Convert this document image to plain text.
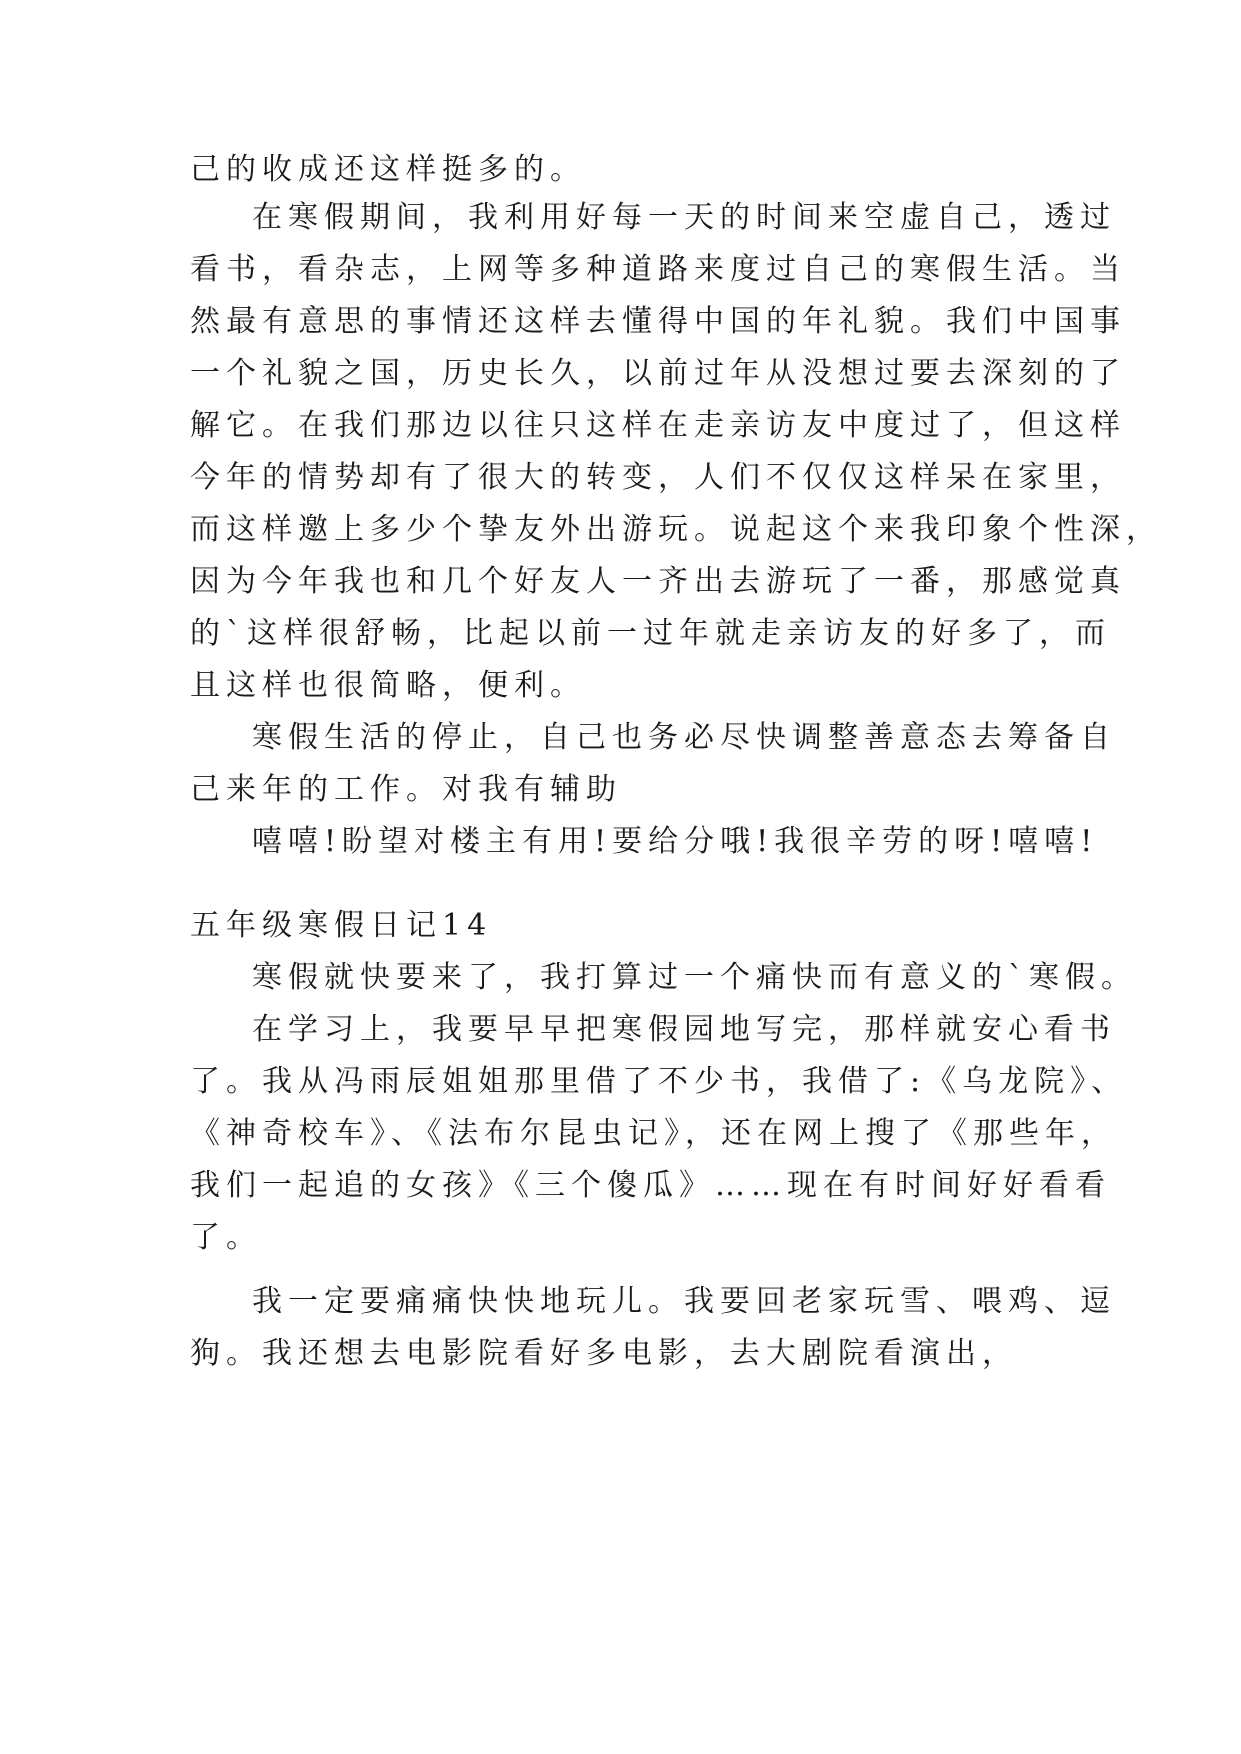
己的收成还这样挺多的。
在寒假期间，我利用好每一天的时间来空虚自己，透过
看书，看杂志，上网等多种道路来度过自己的寒假生活。当
然最有意思的事情还这样去懂得中国的年礼貌。我们中国事
一个礼貌之国，历史长久，以前过年从没想过要去深刻的了
解它。在我们那边以往只这样在走亲访友中度过了，但这样
今年的情势却有了很大的转变，人们不仅仅这样呆在家里，
而这样邀上多少个挚友外出游玩。说起这个来我印象个性深，
因为今年我也和几个好友人一齐出去游玩了一番，那感觉真
的`这样很舒畅，比起以前一过年就走亲访友的好多了，而
且这样也很简略，便利。
寒假生活的停止，自己也务必尽快调整善意态去筹备自
己来年的工作。对我有辅助
嘻嘻!盼望对楼主有用!要给分哦!我很辛劳的呀!嘻嘻!
五年级寒假日记14
寒假就快要来了，我打算过一个痛快而有意义的`寒假。
在学习上，我要早早把寒假园地写完，那样就安心看书
了。我从冯雨辰姐姐那里借了不少书，我借了:《乌龙院》、
《神奇校车》、《法布尔昆虫记》，还在网上搜了《那些年，
我们一起追的女孩》《三个傻瓜》……现在有时间好好看看
了。
我一定要痛痛快快地玩儿。我要回老家玩雪、喂鸡、逗
狗。我还想去电影院看好多电影，去大剧院看演出，
